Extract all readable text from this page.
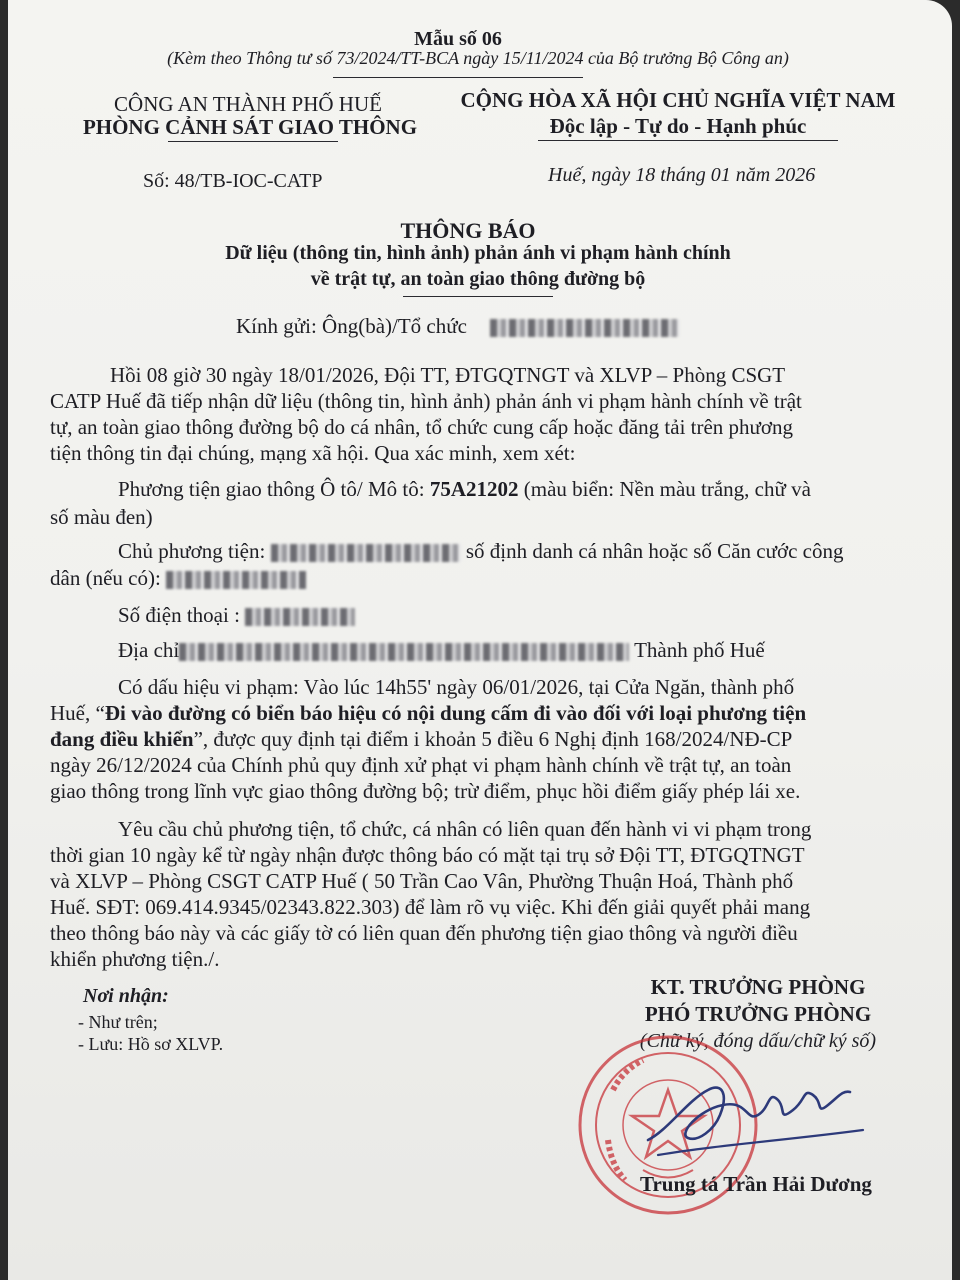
Mẫu số 06
(Kèm theo Thông tư số 73/2024/TT-BCA ngày 15/11/2024 của Bộ trưởng Bộ Công an)
CÔNG AN THÀNH PHỐ HUẾ
PHÒNG CẢNH SÁT GIAO THÔNG
Số: 48/TB-IOC-CATP
CỘNG HÒA XÃ HỘI CHỦ NGHĨA VIỆT NAM
Độc lập - Tự do - Hạnh phúc
Huế, ngày 18 tháng 01 năm 2026
THÔNG BÁO
Dữ liệu (thông tin, hình ảnh) phản ánh vi phạm hành chính
về trật tự, an toàn giao thông đường bộ
Kính gửi: Ông(bà)/Tổ chức
Hồi 08 giờ 30 ngày 18/01/2026, Đội TT, ĐTGQTNGT và XLVP – Phòng CSGT
CATP Huế đã tiếp nhận dữ liệu (thông tin, hình ảnh) phản ánh vi phạm hành chính về trật
tự, an toàn giao thông đường bộ do cá nhân, tổ chức cung cấp hoặc đăng tải trên phương
tiện thông tin đại chúng, mạng xã hội. Qua xác minh, xem xét:
Phương tiện giao thông Ô tô/ Mô tô: 75A21202 (màu biển: Nền màu trắng, chữ và
số màu đen)
Chủ phương tiện:	số định danh cá nhân hoặc số Căn cước công
dân (nếu có):
Số điện thoại :
Địa chỉ	Thành phố Huế
Có dấu hiệu vi phạm: Vào lúc 14h55' ngày 06/01/2026, tại Cửa Ngăn, thành phố
Huế, “Đi vào đường có biển báo hiệu có nội dung cấm đi vào đối với loại phương tiện
đang điều khiển”, được quy định tại điểm i khoản 5 điều 6 Nghị định 168/2024/NĐ-CP
ngày 26/12/2024 của Chính phủ quy định xử phạt vi phạm hành chính về trật tự, an toàn
giao thông trong lĩnh vực giao thông đường bộ; trừ điểm, phục hồi điểm giấy phép lái xe.
Yêu cầu chủ phương tiện, tổ chức, cá nhân có liên quan đến hành vi vi phạm trong
thời gian 10 ngày kể từ ngày nhận được thông báo có mặt tại trụ sở Đội TT, ĐTGQTNGT
và XLVP – Phòng CSGT CATP Huế ( 50 Trần Cao Vân, Phường Thuận Hoá, Thành phố
Huế. SĐT: 069.414.9345/02343.822.303) để làm rõ vụ việc. Khi đến giải quyết phải mang
theo thông báo này và các giấy tờ có liên quan đến phương tiện giao thông và người điều
khiển phương tiện./.
Nơi nhận:
- Như trên;
- Lưu: Hồ sơ XLVP.
KT. TRƯỞNG PHÒNG
PHÓ TRƯỞNG PHÒNG
(Chữ ký, đóng dấu/chữ ký số)
Trung tá Trần Hải Dương
